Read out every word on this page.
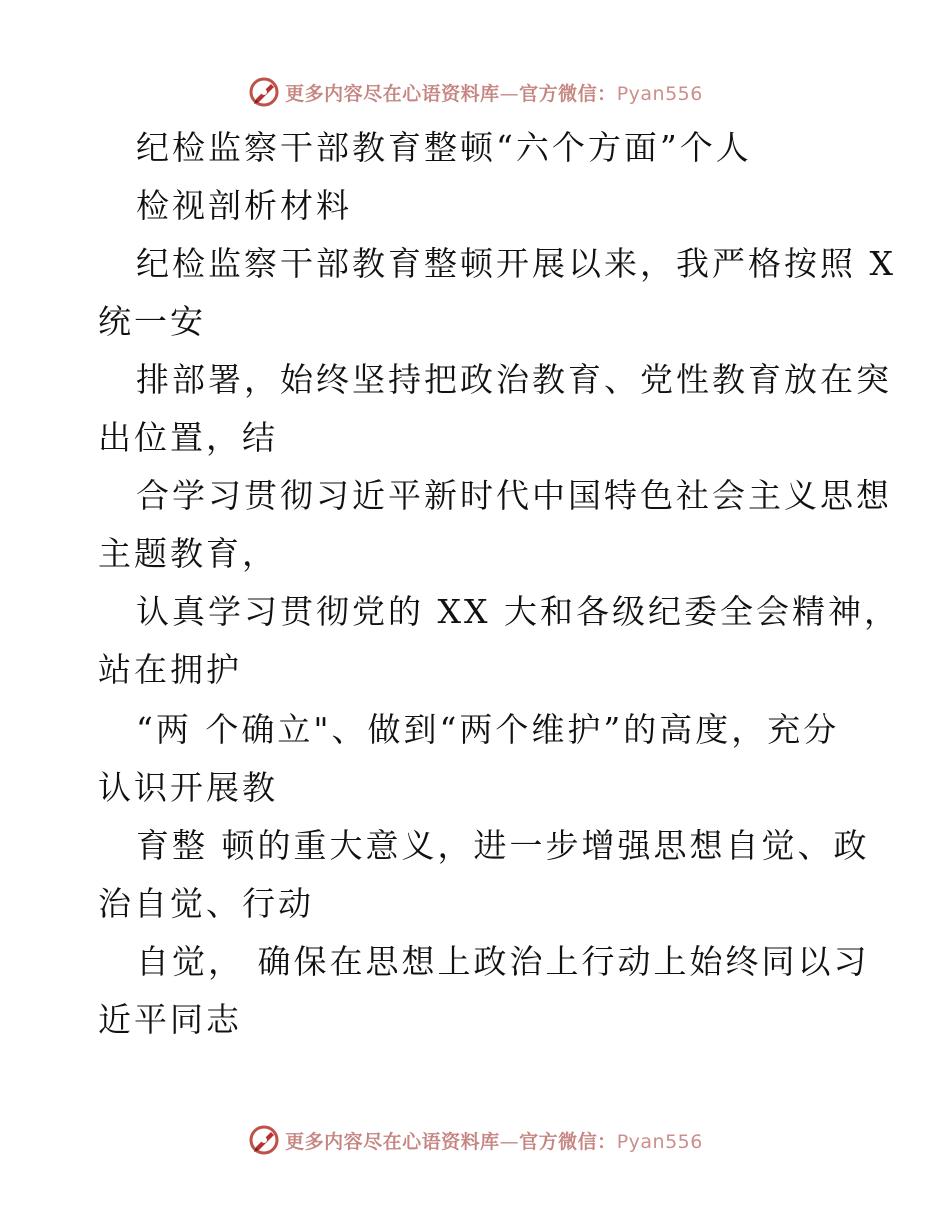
更多内容尽在心语资料库—官方微信：Pyan556
纪检监察干部教育整顿“六个方面”个人
检视剖析材料
纪检监察干部教育整顿开展以来，我严格按照 X
统一安
排部署，始终坚持把政治教育、党性教育放在突
出位置，结
合学习贯彻习近平新时代中国特色社会主义思想
主题教育，
认真学习贯彻党的 XX 大和各级纪委全会精神，
站在拥护
“两 个确立"、做到“两个维护”的高度，充分
认识开展教
育整 顿的重大意义，进一步增强思想自觉、政
治自觉、行动
自觉， 确保在思想上政治上行动上始终同以习
近平同志
更多内容尽在心语资料库—官方微信：Pyan556
